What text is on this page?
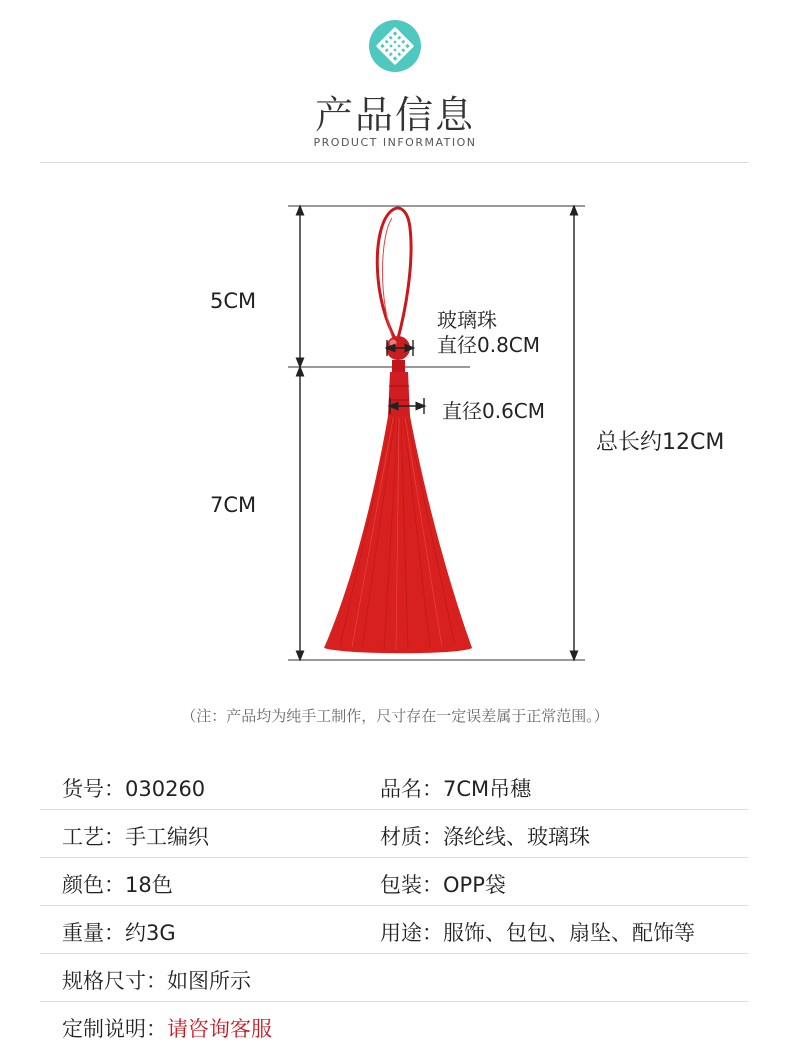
产品信息
PRODUCT INFORMATION
5CM
7CM
总长约12CM
玻璃珠
直径0.8CM
直径0.6CM
（注：产品均为纯手工制作，尺寸存在一定误差属于正常范围。）
货号：030260	品名：7CM吊穗
工艺：手工编织	材质：涤纶线、玻璃珠
颜色：18色	包装：OPP袋
重量：约3G	用途：服饰、包包、扇坠、配饰等
规格尺寸：如图所示
定制说明：请咨询客服
